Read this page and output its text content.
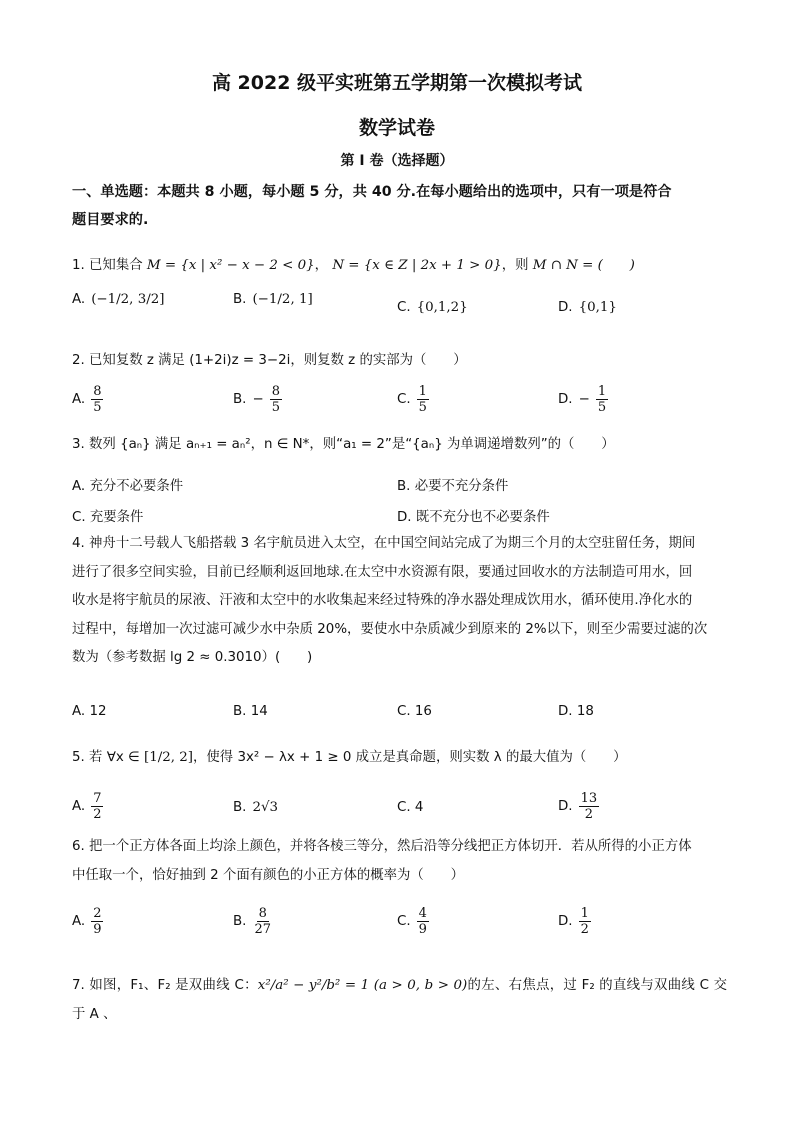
高 2022 级平实班第五学期第一次模拟考试
数学试卷
第 I 卷（选择题）
一、单选题：本题共 8 小题，每小题 5 分，共 40 分.在每小题给出的选项中，只有一项是符合
题目要求的.
1. 已知集合 M = {x | x² − x − 2 < 0}， N = {x ∈ Z | 2x + 1 > 0}，则 M ∩ N = (　　)
A. (−1/2, 3/2]	B. (−1/2, 1]
C. {0,1,2}	D. {0,1}
2. 已知复数 z 满足 (1+2i)z = 3−2i，则复数 z 的实部为（　　）
A. $\frac{8}{5}$	B. − $\frac{8}{5}$	C. $\frac{1}{5}$	D. − $\frac{1}{5}$
3. 数列 {aₙ} 满足 aₙ₊₁ = aₙ²，n ∈ N*，则“a₁ = 2”是“{aₙ} 为单调递增数列”的（　　）
A. 充分不必要条件	B. 必要不充分条件
C. 充要条件	D. 既不充分也不必要条件
4. 神舟十二号载人飞船搭载 3 名宇航员进入太空，在中国空间站完成了为期三个月的太空驻留任务，期间
进行了很多空间实验，目前已经顺利返回地球.在太空中水资源有限，要通过回收水的方法制造可用水，回
收水是将宇航员的尿液、汗液和太空中的水收集起来经过特殊的净水器处理成饮用水，循环使用.净化水的
过程中，每增加一次过滤可减少水中杂质 20%，要使水中杂质减少到原来的 2%以下，则至少需要过滤的次
数为（参考数据 lg 2 ≈ 0.3010）(　　)
A. 12	B. 14	C. 16	D. 18
5. 若 ∀x ∈ [1/2, 2]，使得 3x² − λx + 1 ≥ 0 成立是真命题，则实数 λ 的最大值为（　　）
A. $\frac{7}{2}$	B. 2√3	C. 4	D. $\frac{13}{2}$
6. 把一个正方体各面上均涂上颜色，并将各棱三等分，然后沿等分线把正方体切开．若从所得的小正方体
中任取一个，恰好抽到 2 个面有颜色的小正方体的概率为（　　）
A. $\frac{2}{9}$	B. $\frac{8}{27}$	C. $\frac{4}{9}$	D. $\frac{1}{2}$
7. 如图，F₁、F₂ 是双曲线 C：x²/a² − y²/b² = 1 (a > 0, b > 0)的左、右焦点，过 F₂ 的直线与双曲线 C 交于 A 、
